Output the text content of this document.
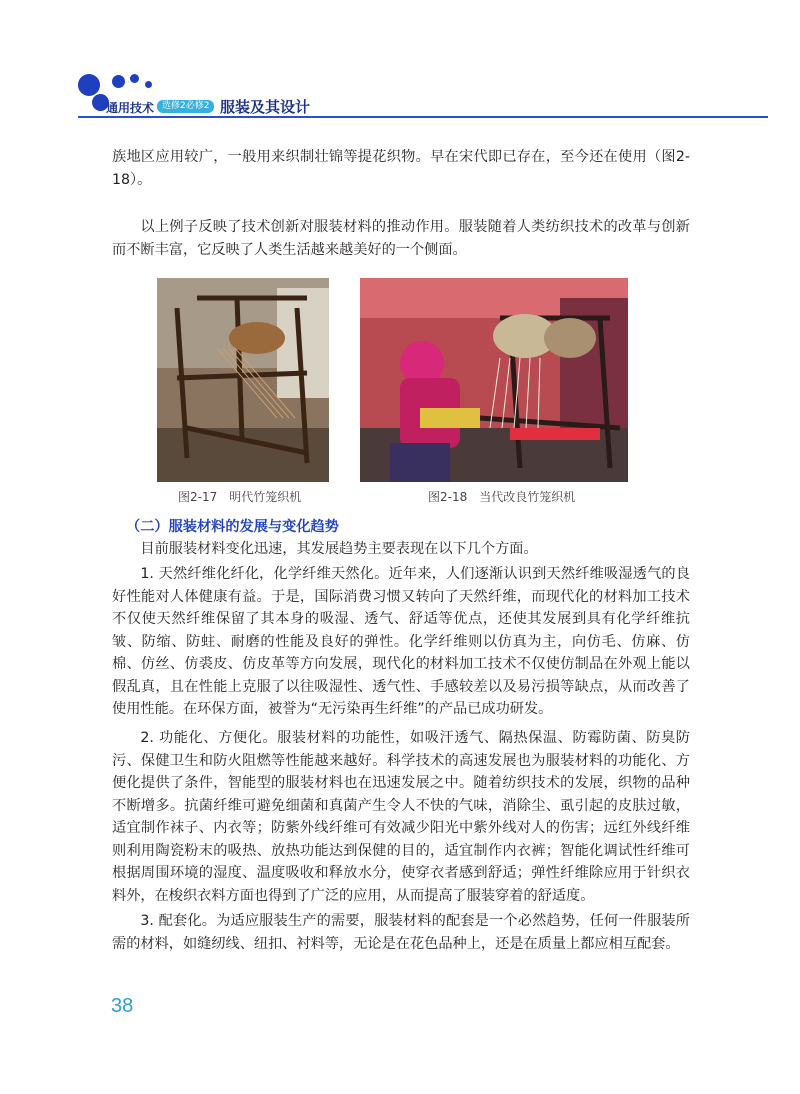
通用技术 选修2必修2 服装及其设计
族地区应用较广，一般用来织制壮锦等提花织物。早在宋代即已存在，至今还在使用（图2-18）。
以上例子反映了技术创新对服装材料的推动作用。服装随着人类纺织技术的改革与创新而不断丰富，它反映了人类生活越来越美好的一个侧面。
图2-17　明代竹笼织机	图2-18　当代改良竹笼织机
（二）服装材料的发展与变化趋势
目前服装材料变化迅速，其发展趋势主要表现在以下几个方面。
1. 天然纤维化纤化，化学纤维天然化。近年来，人们逐渐认识到天然纤维吸湿透气的良好性能对人体健康有益。于是，国际消费习惯又转向了天然纤维，而现代化的材料加工技术不仅使天然纤维保留了其本身的吸湿、透气、舒适等优点，还使其发展到具有化学纤维抗皱、防缩、防蛀、耐磨的性能及良好的弹性。化学纤维则以仿真为主，向仿毛、仿麻、仿棉、仿丝、仿裘皮、仿皮革等方向发展，现代化的材料加工技术不仅使仿制品在外观上能以假乱真，且在性能上克服了以往吸湿性、透气性、手感较差以及易污损等缺点，从而改善了使用性能。在环保方面，被誉为“无污染再生纤维”的产品已成功研发。
2. 功能化、方便化。服装材料的功能性，如吸汗透气、隔热保温、防霉防菌、防臭防污、保健卫生和防火阻燃等性能越来越好。科学技术的高速发展也为服装材料的功能化、方便化提供了条件，智能型的服装材料也在迅速发展之中。随着纺织技术的发展，织物的品种不断增多。抗菌纤维可避免细菌和真菌产生令人不快的气味，消除尘、虱引起的皮肤过敏，适宜制作袜子、内衣等；防紫外线纤维可有效减少阳光中紫外线对人的伤害；远红外线纤维则利用陶瓷粉末的吸热、放热功能达到保健的目的，适宜制作内衣裤；智能化调试性纤维可根据周围环境的湿度、温度吸收和释放水分，使穿衣者感到舒适；弹性纤维除应用于针织衣料外，在梭织衣料方面也得到了广泛的应用，从而提高了服装穿着的舒适度。
3. 配套化。为适应服装生产的需要，服装材料的配套是一个必然趋势，任何一件服装所需的材料，如缝纫线、纽扣、衬料等，无论是在花色品种上，还是在质量上都应相互配套。
38
